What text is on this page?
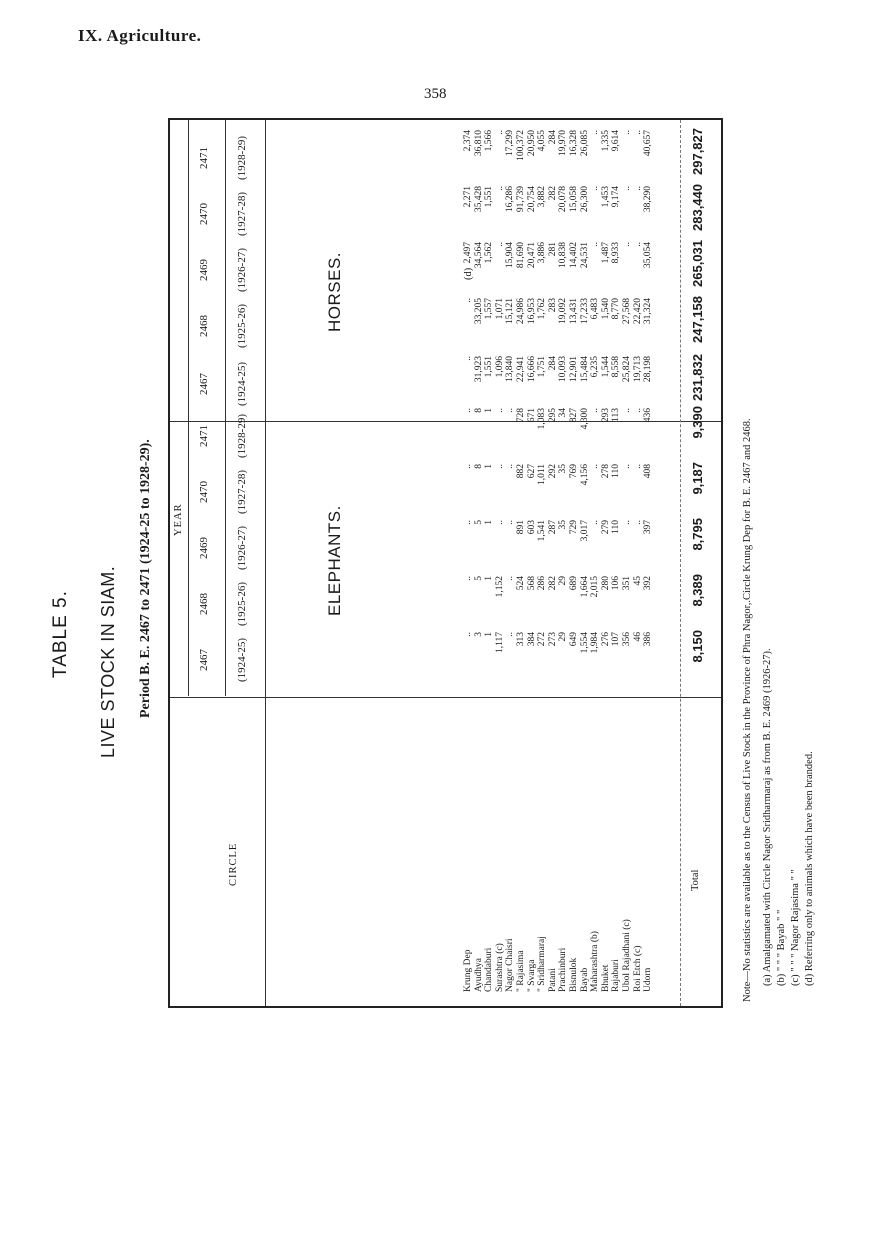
IX. Agriculture.
358
TABLE 5. LIVE STOCK IN SIAM. Period B. E. 2467 to 2471 (1924-25 to 1928-29).
CIRCLE
YEAR
2467 (1924-25)
2468 (1925-26)
2469 (1926-27)
2470 (1927-28)
2471 (1928-29)
2467 (1924-25)
2468 (1925-26)
2469 (1926-27)
2470 (1927-28)
2471 (1928-29)
ELEPHANTS.
HORSES.
Krung Dep Ayudhya Chandaburi Surashtra (c) Nagor Chaisri " Rajasima " Svarga " Sridharmaraj Patani Prachinburi Bisnulok Bayab Maharashtra (b) Bhuket Rajaburi Ubol Rajadhani (c) Roi Etch (c) Udorn
..
..
..
..
..
3
5
5
8
8
1
1
1
1
1
1,117
1,152
..
..
..
..
..
..
..
..
313
524
891
882
728
384
568
603
627
671
272
286
1,541
1,011
1,083
273
282
287
292
295
29
29
35
35
34
649
689
729
769
827
1,554
1,664
3,017
4,156
4,300
1,984
2,015
..
..
..
276
280
279
278
293
107
106
110
110
113
356
351
..
..
..
46
45
..
..
..
386
392
397
408
436
..
..
2,497
2,271
2,374
31,923
33,205
34,564
35,428
36,810
1,551
1,557
1,562
1,551
1,566
1,096
1,071
..
..
..
13,840
15,121
15,904
16,286
17,299
22,941
24,986
81,690
91,739
100,372
16,666
16,953
20,471
20,754
20,950
1,751
1,762
3,886
3,882
4,055
284
283
281
282
284
10,093
19,092
10,838
20,078
19,970
12,901
13,431
14,402
15,058
16,328
15,484
17,233
24,531
26,300
26,085
6,235
6,483
..
..
..
1,544
1,540
1,487
1,453
1,335
8,558
8,770
8,933
9,174
9,614
25,824
27,568
..
..
..
19,713
22,420
..
..
..
28,198
31,324
35,054
38,290
40,657
(d)
Total
8,150
8,389
8,795
9,187
9,390
231,832
247,158
265,031
283,440
297,827
Note—No statistics are available as to the Census of Live Stock in the Province of Phra Nagor,.Circle Krung Dep for B. E. 2467 and 2468. (a) Amalgamated with Circle Nagor Sridharmaraj as from B. E. 2469 (1926-27). (b) " " " Bayab " " (c) " " " Nagor Rajasima " " (d) Referring only to animals which have been branded.
